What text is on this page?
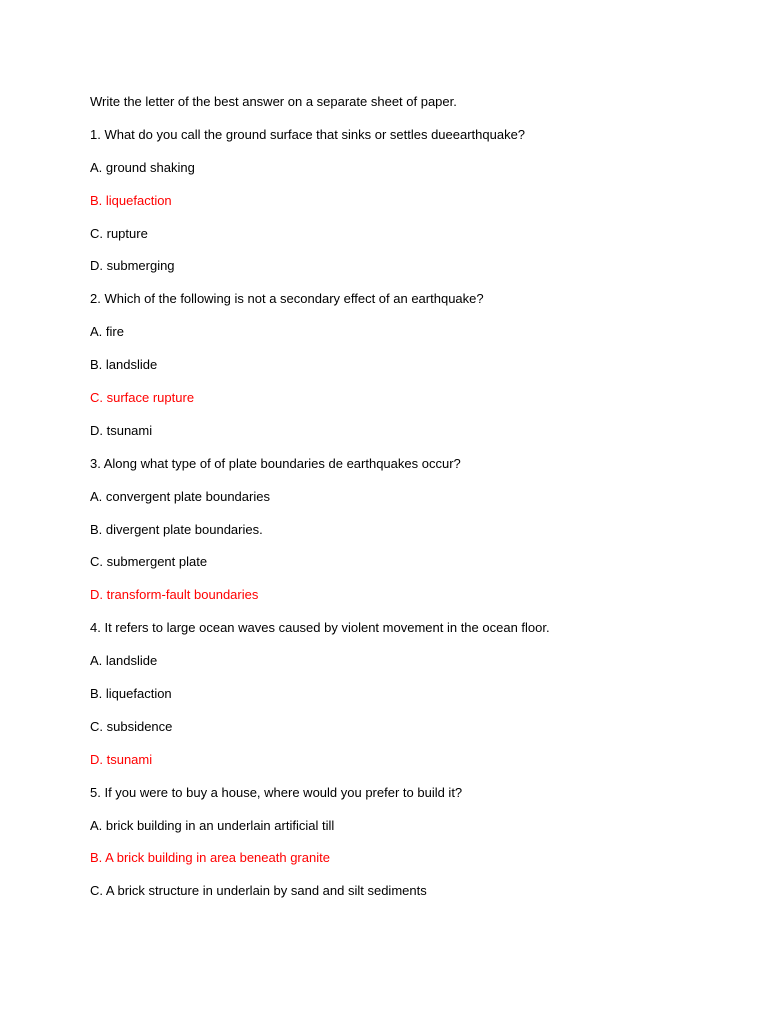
Write the letter of the best answer on a separate sheet of paper.
1. What do you call the ground surface that sinks or settles dueearthquake?
A. ground shaking
B. liquefaction
C. rupture
D. submerging
2. Which of the following is not a secondary effect of an earthquake?
A. fire
B. landslide
C. surface rupture
D. tsunami
3. Along what type of of plate boundaries de earthquakes occur?
A. convergent plate boundaries
B. divergent plate boundaries.
C. submergent plate
D. transform-fault boundaries
4. It refers to large ocean waves caused by violent movement in the ocean floor.
A. landslide
B. liquefaction
C. subsidence
D. tsunami
5. If you were to buy a house, where would you prefer to build it?
A. brick building in an underlain artificial till
B. A brick building in area beneath granite
C. A brick structure in underlain by sand and silt sediments
